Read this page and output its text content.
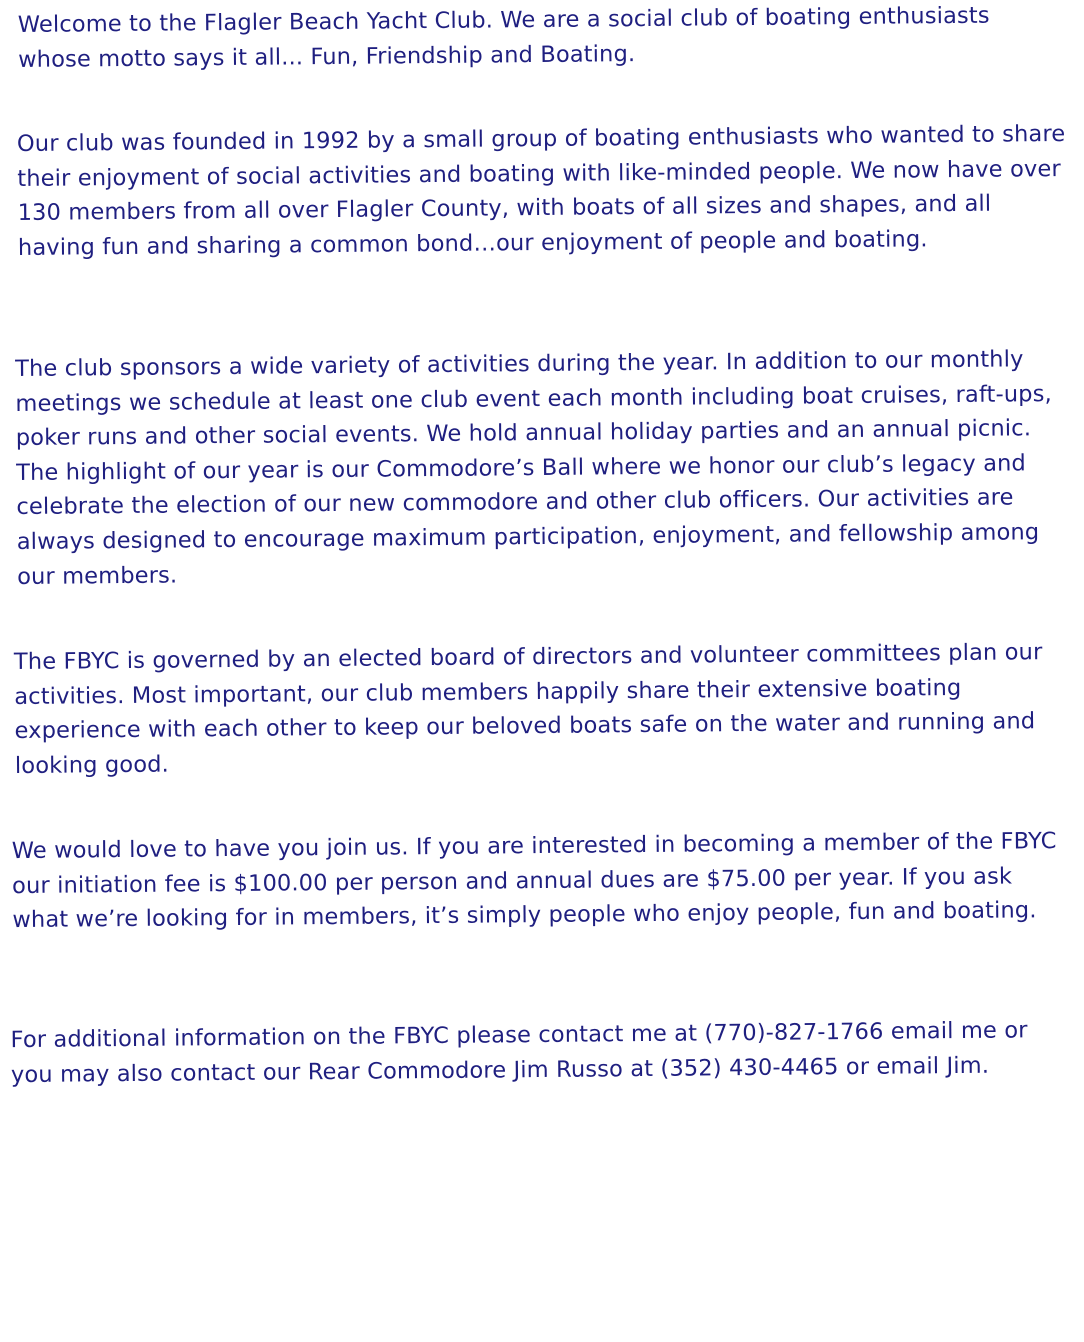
Welcome to the Flagler Beach Yacht Club. We are a social club of boating enthusiasts whose motto says it all... Fun, Friendship and Boating.

Our club was founded in 1992 by a small group of boating enthusiasts who wanted to share their enjoyment of social activities and boating with like-minded people. We now have over 130 members from all over Flagler County, with boats of all sizes and shapes, and all having fun and sharing a common bond…our enjoyment of people and boating.

The club sponsors a wide variety of activities during the year. In addition to our monthly meetings we schedule at least one club event each month including boat cruises, raft-ups, poker runs and other social events. We hold annual holiday parties and an annual picnic. The highlight of our year is our Commodore’s Ball where we honor our club’s legacy and celebrate the election of our new commodore and other club officers. Our activities are always designed to encourage maximum participation, enjoyment, and fellowship among our members.

The FBYC is governed by an elected board of directors and volunteer committees plan our activities. Most important, our club members happily share their extensive boating experience with each other to keep our beloved boats safe on the water and running and looking good.

We would love to have you join us. If you are interested in becoming a member of the FBYC our initiation fee is $100.00 per person and annual dues are $75.00 per year. If you ask what we’re looking for in members, it’s simply people who enjoy people, fun and boating.

For additional information on the FBYC please contact me at (770)-827-1766 email me or you may also contact our Rear Commodore Jim Russo at (352) 430-4465 or email Jim.
